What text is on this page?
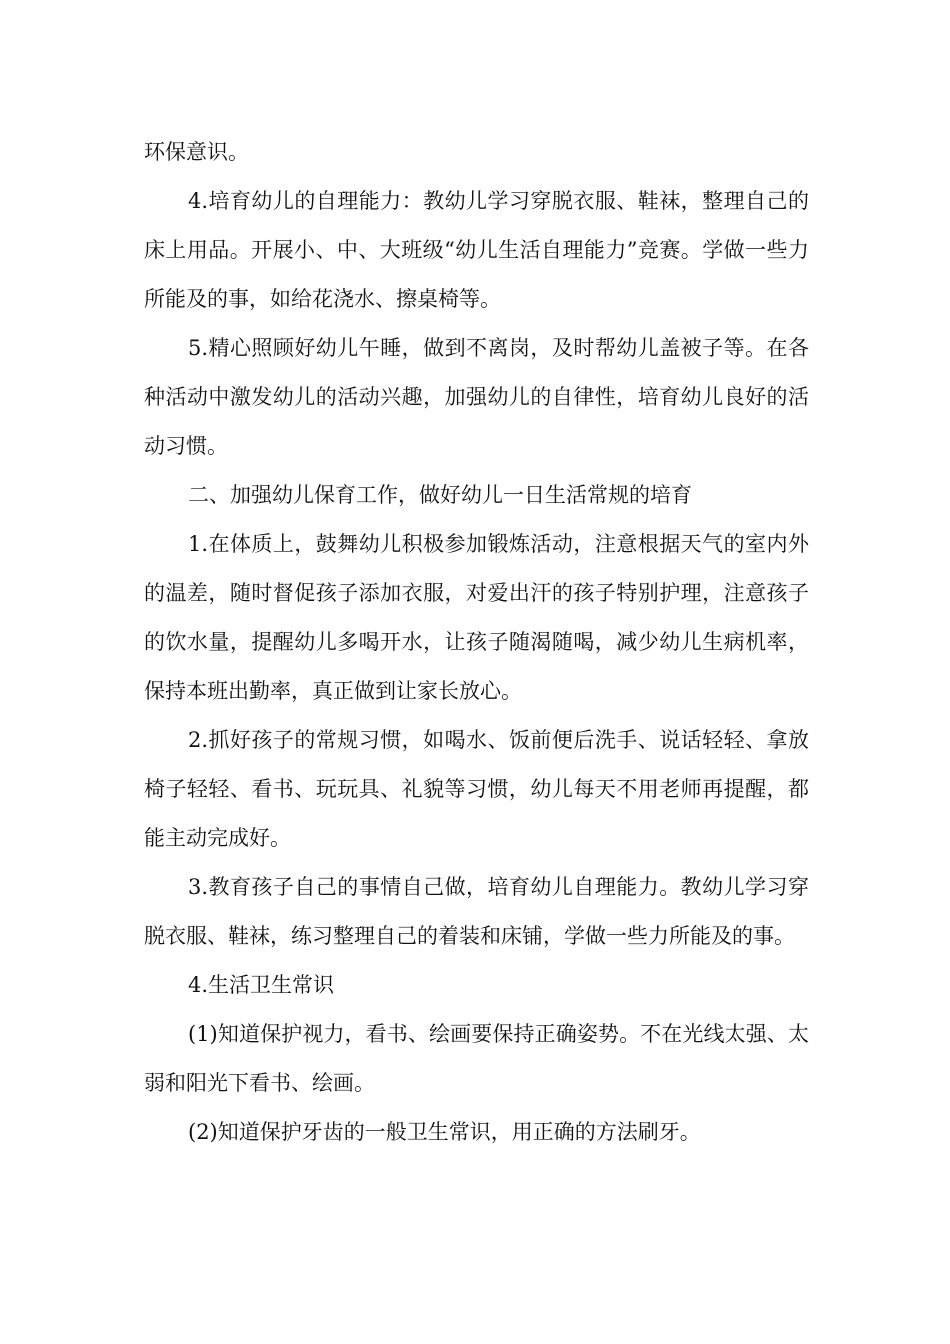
环保意识。

4.培育幼儿的自理能力：教幼儿学习穿脱衣服、鞋袜，整理自己的床上用品。开展小、中、大班级“幼儿生活自理能力”竞赛。学做一些力所能及的事，如给花浇水、擦桌椅等。

5.精心照顾好幼儿午睡，做到不离岗，及时帮幼儿盖被子等。在各种活动中激发幼儿的活动兴趣，加强幼儿的自律性，培育幼儿良好的活动习惯。

二、加强幼儿保育工作，做好幼儿一日生活常规的培育

1.在体质上，鼓舞幼儿积极参加锻炼活动，注意根据天气的室内外的温差，随时督促孩子添加衣服，对爱出汗的孩子特别护理，注意孩子的饮水量，提醒幼儿多喝开水，让孩子随渴随喝，减少幼儿生病机率，保持本班出勤率，真正做到让家长放心。

2.抓好孩子的常规习惯，如喝水、饭前便后洗手、说话轻轻、拿放椅子轻轻、看书、玩玩具、礼貌等习惯，幼儿每天不用老师再提醒，都能主动完成好。

3.教育孩子自己的事情自己做，培育幼儿自理能力。教幼儿学习穿脱衣服、鞋袜，练习整理自己的着装和床铺，学做一些力所能及的事。

4.生活卫生常识

(1)知道保护视力，看书、绘画要保持正确姿势。不在光线太强、太弱和阳光下看书、绘画。

(2)知道保护牙齿的一般卫生常识，用正确的方法刷牙。
